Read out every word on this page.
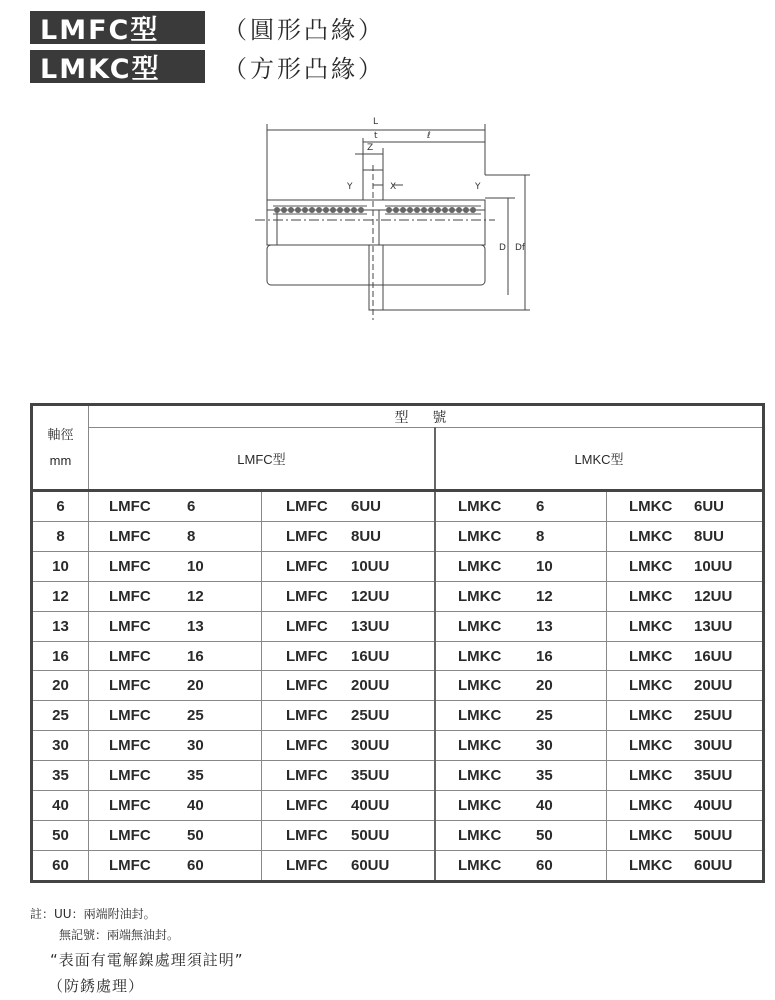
LMFC型	（圓形凸緣）
LMKC型	（方形凸緣）
L
t	ℓ
Z
X
Y	Y
D Df
軸徑
mm	型 號			
	LMFC型		LMKC型	
6	LMFC 6	LMFC 6UU	LMKC 6	LMKC 6UU
8	LMFC 8	LMFC 8UU	LMKC 8	LMKC 8UU
10	LMFC 10	LMFC 10UU	LMKC 10	LMKC 10UU
12	LMFC 12	LMFC 12UU	LMKC 12	LMKC 12UU
13	LMFC 13	LMFC 13UU	LMKC 13	LMKC 13UU
16	LMFC 16	LMFC 16UU	LMKC 16	LMKC 16UU
20	LMFC 20	LMFC 20UU	LMKC 20	LMKC 20UU
25	LMFC 25	LMFC 25UU	LMKC 25	LMKC 25UU
30	LMFC 30	LMFC 30UU	LMKC 30	LMKC 30UU
35	LMFC 35	LMFC 35UU	LMKC 35	LMKC 35UU
40	LMFC 40	LMFC 40UU	LMKC 40	LMKC 40UU
50	LMFC 50	LMFC 50UU	LMKC 50	LMKC 50UU
60	LMFC 60	LMFC 60UU	LMKC 60	LMKC 60UU
註：UU：兩端附油封。
無記號：兩端無油封。
“表面有電解鎳處理須註明”
（防銹處理）
